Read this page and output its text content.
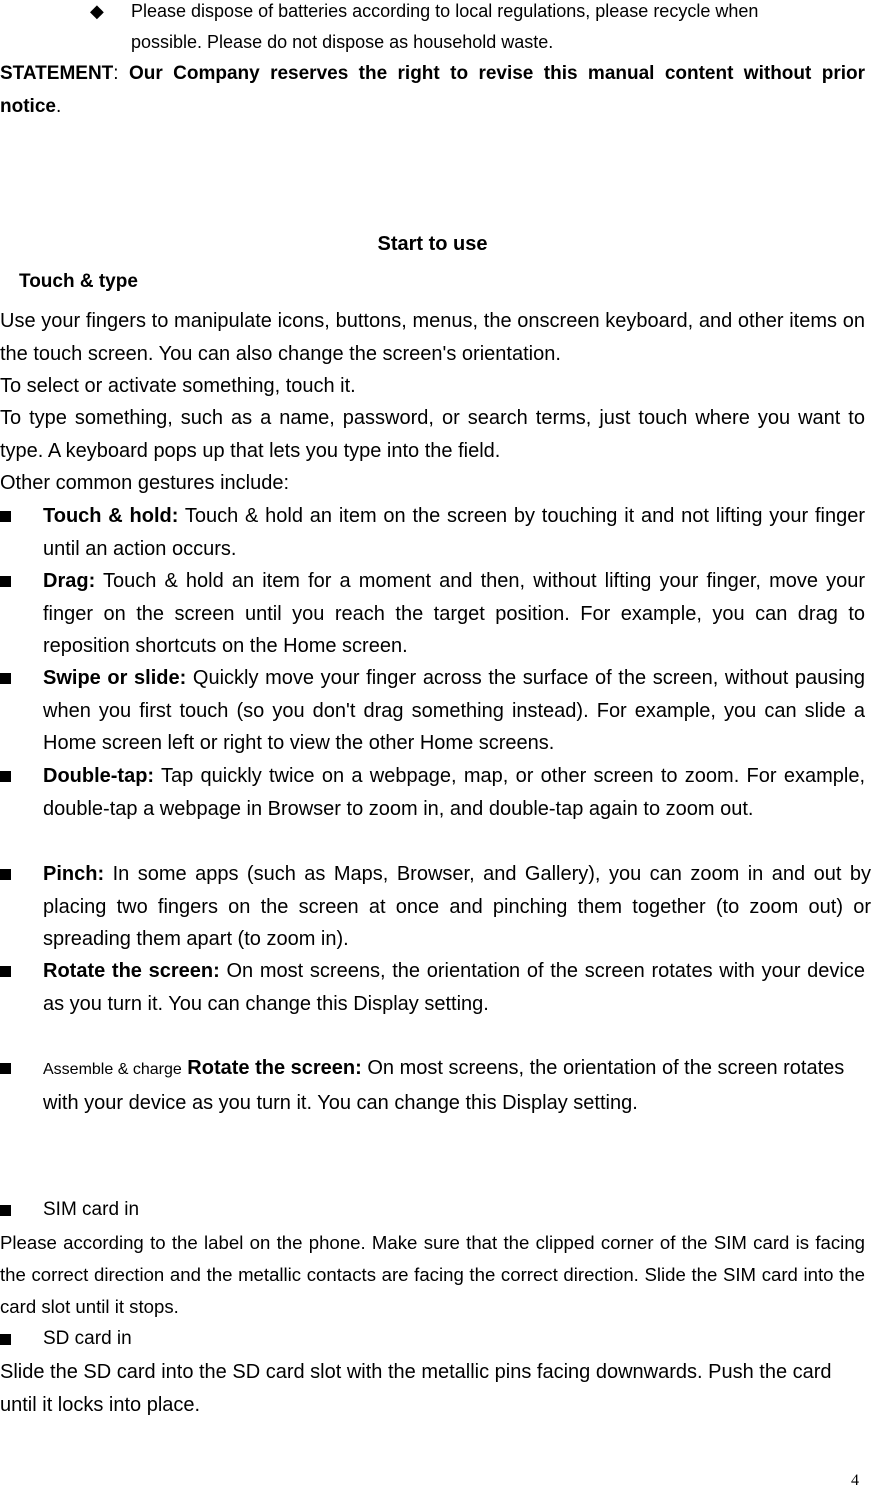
◆ Please dispose of batteries according to local regulations, please recycle when
possible. Please do not dispose as household waste.
STATEMENT: Our Company reserves the right to revise this manual content without prior notice.
Start to use
Touch & type
Use your fingers to manipulate icons, buttons, menus, the onscreen keyboard, and other items on the touch screen. You can also change the screen's orientation.
To select or activate something, touch it.
To type something, such as a name, password, or search terms, just touch where you want to type. A keyboard pops up that lets you type into the field.
Other common gestures include:
Touch & hold: Touch & hold an item on the screen by touching it and not lifting your finger until an action occurs.
Drag: Touch & hold an item for a moment and then, without lifting your finger, move your finger on the screen until you reach the target position. For example, you can drag to reposition shortcuts on the Home screen.
Swipe or slide: Quickly move your finger across the surface of the screen, without pausing when you first touch (so you don't drag something instead). For example, you can slide a Home screen left or right to view the other Home screens.
Double-tap: Tap quickly twice on a webpage, map, or other screen to zoom. For example, double-tap a webpage in Browser to zoom in, and double-tap again to zoom out.
Pinch: In some apps (such as Maps, Browser, and Gallery), you can zoom in and out by placing two fingers on the screen at once and pinching them together (to zoom out) or spreading them apart (to zoom in).
Rotate the screen: On most screens, the orientation of the screen rotates with your device as you turn it. You can change this Display setting.
Assemble & charge Rotate the screen: On most screens, the orientation of the screen rotates with your device as you turn it. You can change this Display setting.
SIM card in
Please according to the label on the phone. Make sure that the clipped corner of the SIM card is facing the correct direction and the metallic contacts are facing the correct direction. Slide the SIM card into the card slot until it stops.
SD card in
Slide the SD card into the SD card slot with the metallic pins facing downwards. Push the card until it locks into place.
4
